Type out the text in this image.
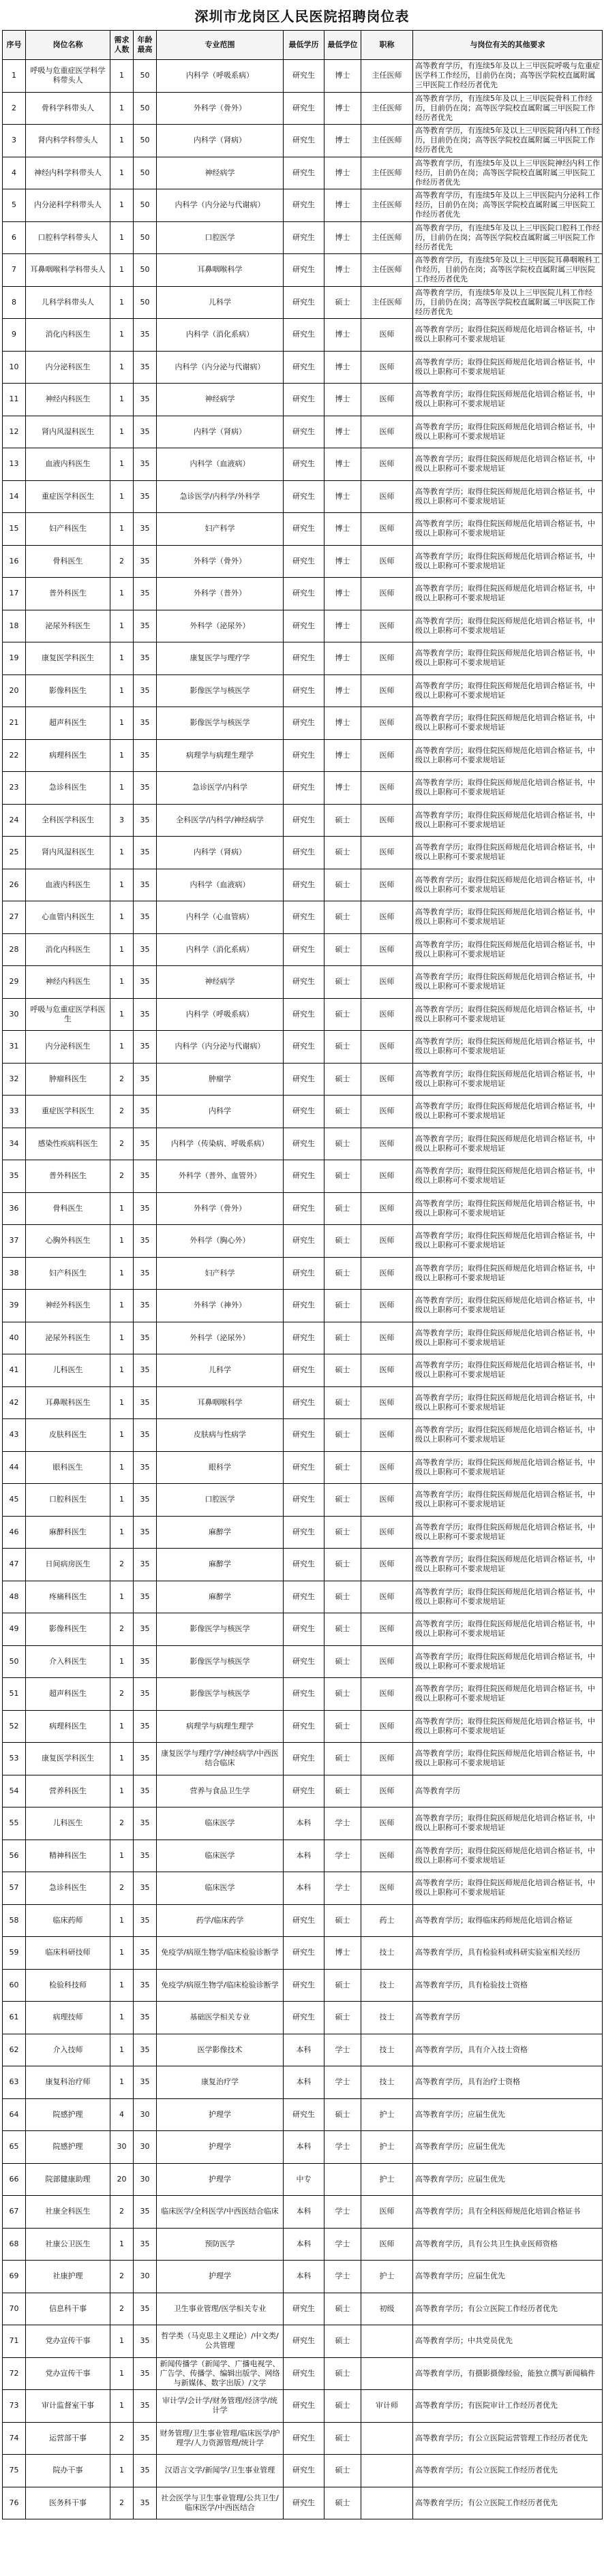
深圳市龙岗区人民医院招聘岗位表
序号	岗位名称	需求人数	年龄最高	专业范围	最低学历	最低学位	职称	与岗位有关的其他要求
1	呼吸与危重症医学科学科带头人	1	50	内科学（呼吸系病）	研究生	博士	主任医师	高等教育学历，有连续5年及以上三甲医院呼吸与危重症医学科工作经历，目前仍在岗；高等医学院校直属附属三甲医院工作经历者优先
2	骨科学科带头人	1	50	外科学（骨外）	研究生	博士	主任医师	高等教育学历，有连续5年及以上三甲医院骨科工作经历，目前仍在岗；高等医学院校直属附属三甲医院工作经历者优先
3	肾内科学科带头人	1	50	内科学（肾病）	研究生	博士	主任医师	高等教育学历，有连续5年及以上三甲医院肾内科工作经历，目前仍在岗；高等医学院校直属附属三甲医院工作经历者优先
4	神经内科学科带头人	1	50	神经病学	研究生	博士	主任医师	高等教育学历，有连续5年及以上三甲医院神经内科工作经历，目前仍在岗；高等医学院校直属附属三甲医院工作经历者优先
5	内分泌科学科带头人	1	50	内科学（内分泌与代谢病）	研究生	博士	主任医师	高等教育学历，有连续5年及以上三甲医院内分泌科工作经历，目前仍在岗；高等医学院校直属附属三甲医院工作经历者优先
6	口腔科学科带头人	1	50	口腔医学	研究生	博士	主任医师	高等教育学历，有连续5年及以上三甲医院口腔科工作经历，目前仍在岗；高等医学院校直属附属三甲医院工作经历者优先
7	耳鼻咽喉科学科带头人	1	50	耳鼻咽喉科学	研究生	博士	主任医师	高等教育学历，有连续5年及以上三甲医院耳鼻咽喉科工作经历，目前仍在岗；高等医学院校直属附属三甲医院工作经历者优先
8	儿科学科带头人	1	50	儿科学	研究生	硕士	主任医师	高等教育学历，有连续5年及以上三甲医院儿科工作经历，目前仍在岗；高等医学院校直属附属三甲医院工作经历者优先
9	消化内科医生	1	35	内科学（消化系病）	研究生	博士	医师	高等教育学历；取得住院医师规范化培训合格证书，中级以上职称可不要求规培证
10	内分泌科医生	1	35	内科学（内分泌与代谢病）	研究生	博士	医师	高等教育学历；取得住院医师规范化培训合格证书，中级以上职称可不要求规培证
11	神经内科医生	1	35	神经病学	研究生	博士	医师	高等教育学历；取得住院医师规范化培训合格证书，中级以上职称可不要求规培证
12	肾内风湿科医生	1	35	内科学（肾病）	研究生	博士	医师	高等教育学历；取得住院医师规范化培训合格证书，中级以上职称可不要求规培证
13	血液内科医生	1	35	内科学（血液病）	研究生	博士	医师	高等教育学历；取得住院医师规范化培训合格证书，中级以上职称可不要求规培证
14	重症医学科医生	1	35	急诊医学/内科学/外科学	研究生	博士	医师	高等教育学历；取得住院医师规范化培训合格证书，中级以上职称可不要求规培证
15	妇产科医生	1	35	妇产科学	研究生	博士	医师	高等教育学历；取得住院医师规范化培训合格证书，中级以上职称可不要求规培证
16	骨科医生	2	35	外科学（骨外）	研究生	博士	医师	高等教育学历；取得住院医师规范化培训合格证书，中级以上职称可不要求规培证
17	普外科医生	1	35	外科学（普外）	研究生	博士	医师	高等教育学历；取得住院医师规范化培训合格证书，中级以上职称可不要求规培证
18	泌尿外科医生	1	35	外科学（泌尿外）	研究生	博士	医师	高等教育学历；取得住院医师规范化培训合格证书，中级以上职称可不要求规培证
19	康复医学科医生	1	35	康复医学与理疗学	研究生	博士	医师	高等教育学历；取得住院医师规范化培训合格证书，中级以上职称可不要求规培证
20	影像科医生	1	35	影像医学与核医学	研究生	博士	医师	高等教育学历；取得住院医师规范化培训合格证书，中级以上职称可不要求规培证
21	超声科医生	1	35	影像医学与核医学	研究生	博士	医师	高等教育学历；取得住院医师规范化培训合格证书，中级以上职称可不要求规培证
22	病理科医生	1	35	病理学与病理生理学	研究生	博士	医师	高等教育学历；取得住院医师规范化培训合格证书，中级以上职称可不要求规培证
23	急诊科医生	1	35	急诊医学/内科学	研究生	博士	医师	高等教育学历；取得住院医师规范化培训合格证书，中级以上职称可不要求规培证
24	全科医学科医生	3	35	全科医学/内科学/神经病学	研究生	硕士	医师	高等教育学历；取得住院医师规范化培训合格证书，中级以上职称可不要求规培证
25	肾内风湿科医生	1	35	内科学（肾病）	研究生	硕士	医师	高等教育学历；取得住院医师规范化培训合格证书，中级以上职称可不要求规培证
26	血液内科医生	1	35	内科学（血液病）	研究生	硕士	医师	高等教育学历；取得住院医师规范化培训合格证书，中级以上职称可不要求规培证
27	心血管内科医生	1	35	内科学（心血管病）	研究生	硕士	医师	高等教育学历；取得住院医师规范化培训合格证书，中级以上职称可不要求规培证
28	消化内科医生	1	35	内科学（消化系病）	研究生	硕士	医师	高等教育学历；取得住院医师规范化培训合格证书，中级以上职称可不要求规培证
29	神经内科医生	1	35	神经病学	研究生	硕士	医师	高等教育学历；取得住院医师规范化培训合格证书，中级以上职称可不要求规培证
30	呼吸与危重症医学科医生	1	35	内科学（呼吸系病）	研究生	硕士	医师	高等教育学历；取得住院医师规范化培训合格证书，中级以上职称可不要求规培证
31	内分泌科医生	1	35	内科学（内分泌与代谢病）	研究生	硕士	医师	高等教育学历；取得住院医师规范化培训合格证书，中级以上职称可不要求规培证
32	肿瘤科医生	2	35	肿瘤学	研究生	硕士	医师	高等教育学历；取得住院医师规范化培训合格证书，中级以上职称可不要求规培证
33	重症医学科医生	2	35	内科学	研究生	硕士	医师	高等教育学历；取得住院医师规范化培训合格证书，中级以上职称可不要求规培证
34	感染性疾病科医生	2	35	内科学（传染病、呼吸系病）	研究生	硕士	医师	高等教育学历；取得住院医师规范化培训合格证书，中级以上职称可不要求规培证
35	普外科医生	2	35	外科学（普外、血管外）	研究生	硕士	医师	高等教育学历；取得住院医师规范化培训合格证书，中级以上职称可不要求规培证
36	骨科医生	1	35	外科学（骨外）	研究生	硕士	医师	高等教育学历；取得住院医师规范化培训合格证书，中级以上职称可不要求规培证
37	心胸外科医生	1	35	外科学（胸心外）	研究生	硕士	医师	高等教育学历；取得住院医师规范化培训合格证书，中级以上职称可不要求规培证
38	妇产科医生	1	35	妇产科学	研究生	硕士	医师	高等教育学历；取得住院医师规范化培训合格证书，中级以上职称可不要求规培证
39	神经外科医生	1	35	外科学（神外）	研究生	硕士	医师	高等教育学历；取得住院医师规范化培训合格证书，中级以上职称可不要求规培证
40	泌尿外科医生	1	35	外科学（泌尿外）	研究生	硕士	医师	高等教育学历；取得住院医师规范化培训合格证书，中级以上职称可不要求规培证
41	儿科医生	1	35	儿科学	研究生	硕士	医师	高等教育学历；取得住院医师规范化培训合格证书，中级以上职称可不要求规培证
42	耳鼻喉科医生	1	35	耳鼻咽喉科学	研究生	硕士	医师	高等教育学历；取得住院医师规范化培训合格证书，中级以上职称可不要求规培证
43	皮肤科医生	1	35	皮肤病与性病学	研究生	硕士	医师	高等教育学历；取得住院医师规范化培训合格证书，中级以上职称可不要求规培证
44	眼科医生	1	35	眼科学	研究生	硕士	医师	高等教育学历；取得住院医师规范化培训合格证书，中级以上职称可不要求规培证
45	口腔科医生	1	35	口腔医学	研究生	硕士	医师	高等教育学历；取得住院医师规范化培训合格证书，中级以上职称可不要求规培证
46	麻醉科医生	1	35	麻醉学	研究生	硕士	医师	高等教育学历；取得住院医师规范化培训合格证书，中级以上职称可不要求规培证
47	日间病房医生	2	35	麻醉学	研究生	硕士	医师	高等教育学历；取得住院医师规范化培训合格证书，中级以上职称可不要求规培证
48	疼痛科医生	1	35	麻醉学	研究生	硕士	医师	高等教育学历；取得住院医师规范化培训合格证书，中级以上职称可不要求规培证
49	影像科医生	2	35	影像医学与核医学	研究生	硕士	医师	高等教育学历；取得住院医师规范化培训合格证书，中级以上职称可不要求规培证
50	介入科医生	1	35	影像医学与核医学	研究生	硕士	医师	高等教育学历；取得住院医师规范化培训合格证书，中级以上职称可不要求规培证
51	超声科医生	2	35	影像医学与核医学	研究生	硕士	医师	高等教育学历；取得住院医师规范化培训合格证书，中级以上职称可不要求规培证
52	病理科医生	1	35	病理学与病理生理学	研究生	硕士	医师	高等教育学历；取得住院医师规范化培训合格证书，中级以上职称可不要求规培证
53	康复医学科医生	1	35	康复医学与理疗学/神经病学/中西医结合临床	研究生	硕士	医师	高等教育学历；取得住院医师规范化培训合格证书，中级以上职称可不要求规培证
54	营养科医生	1	35	营养与食品卫生学	研究生	硕士	医师	高等教育学历
55	儿科医生	2	35	临床医学	本科	学士	医师	高等教育学历；取得住院医师规范化培训合格证书，中级以上职称可不要求规培证
56	精神科医生	1	35	临床医学	本科	学士	医师	高等教育学历；取得住院医师规范化培训合格证书，中级以上职称可不要求规培证
57	急诊科医生	2	35	临床医学	本科	学士	医师	高等教育学历；取得住院医师规范化培训合格证书，中级以上职称可不要求规培证
58	临床药师	1	35	药学/临床药学	研究生	硕士	药士	高等教育学历；取得临床药师规范化培训合格证
59	临床科研技师	1	35	免疫学/病原生物学/临床检验诊断学	研究生	博士	技士	高等教育学历，具有检验科或科研实验室相关经历
60	检验科技师	1	35	免疫学/病原生物学/临床检验诊断学	研究生	硕士	技士	高等教育学历，具有检验技士资格
61	病理技师	1	35	基础医学相关专业	研究生	硕士	技士	高等教育学历
62	介入技师	1	35	医学影像技术	本科	学士	技士	高等教育学历，具有介入技士资格
63	康复科治疗师	1	35	康复治疗学	本科	学士	技士	高等教育学历，具有治疗士资格
64	院感护理	4	30	护理学	研究生	硕士	护士	高等教育学历；应届生优先
65	院感护理	30	30	护理学	本科	学士	护士	高等教育学历；应届生优先
66	院部健康助理	20	30	护理学	中专		护士	高等教育学历；应届生优先
67	社康全科医生	2	35	临床医学/全科医学/中西医结合临床	本科	学士	医师	高等教育学历；具有全科医师规范化培训合格证书
68	社康公卫医生	1	35	预防医学	本科	学士	医师	高等教育学历，具有公共卫生执业医师资格
69	社康护理	2	30	护理学	本科	学士	护士	高等教育学历；应届生优先
70	信息科干事	2	35	卫生事业管理/医学相关专业	研究生	硕士	初级	高等教育学历；有公立医院工作经历者优先
71	党办宣传干事	1	35	哲学类（马克思主义理论）/中文类/公共管理	研究生	硕士		高等教育学历；中共党员优先
72	党办宣传干事	1	35	新闻传播学（新闻学、广播电视学、广告学、传播学、编辑出版学、网络与新媒体、数字出版）/文学	研究生	硕士		高等教育学历，有摄影摄像经验，能独立撰写新闻稿件
73	审计监督室干事	1	35	审计学/会计学/财务管理/经济学/统计学	研究生	硕士	审计师	高等教育学历；有医院审计工作经历者优先
74	运营部干事	2	35	财务管理/卫生事业管理/临床医学/护理学/人力资源管理/统计学	研究生	硕士		高等教育学历；有公立医院运营管理工作经历者优先
75	院办干事	1	35	汉语言文学/新闻学/卫生事业管理	研究生	硕士		高等教育学历；有公立医院工作经历者优先
76	医务科干事	2	35	社会医学与卫生事业管理/公共卫生/临床医学/中西医结合	研究生	硕士		高等教育学历；有公立医院工作经历者优先
